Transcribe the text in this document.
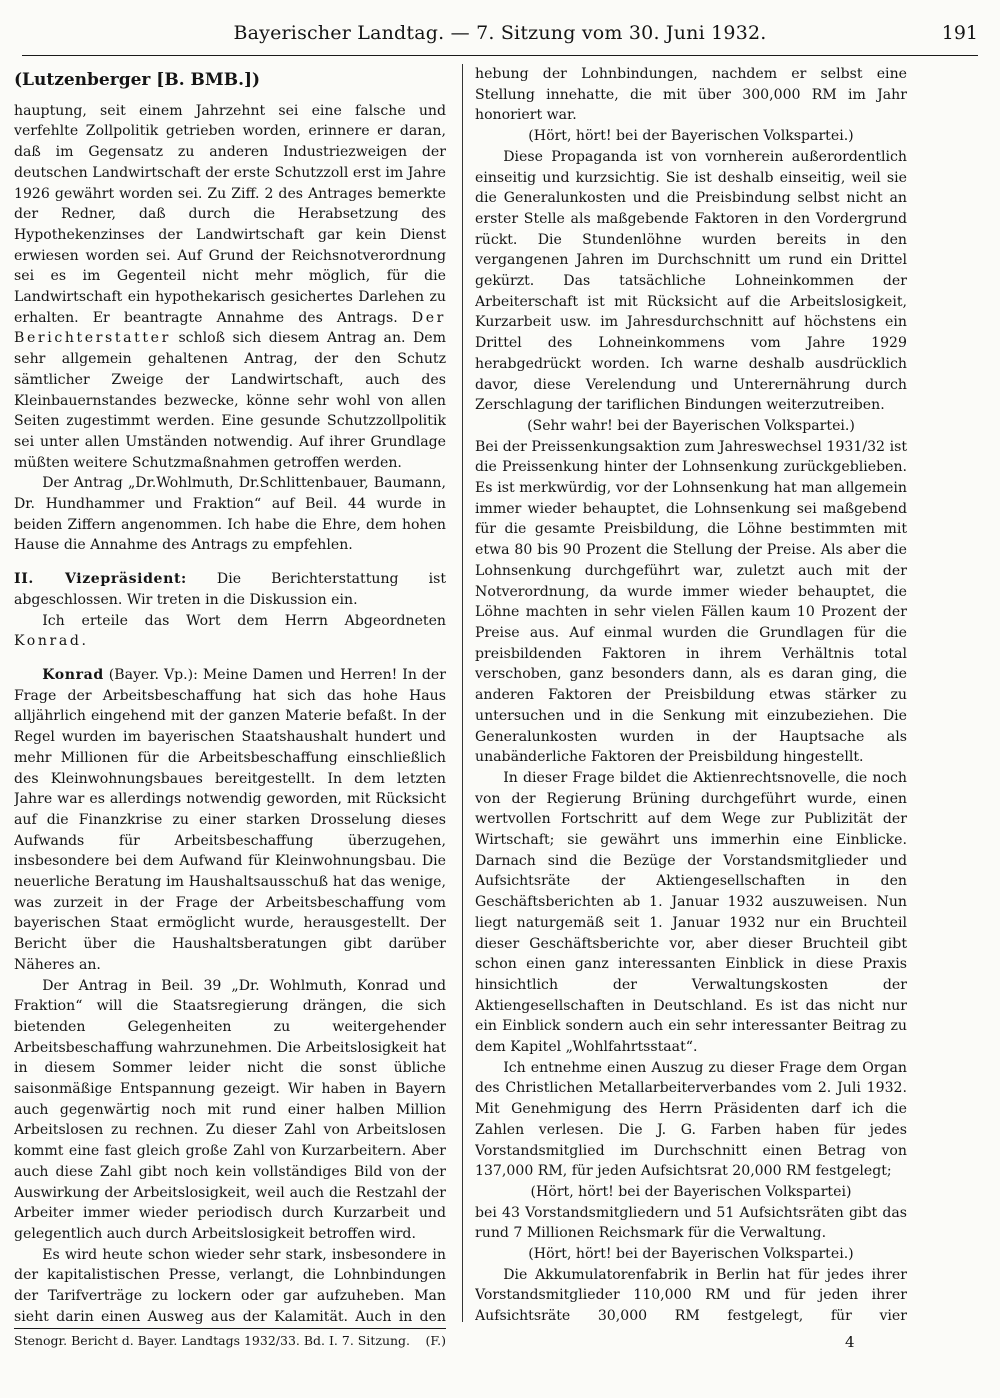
Bayerischer Landtag. — 7. Sitzung vom 30. Juni 1932.	191
(Lutzenberger [B. BMB.])

hauptung, seit einem Jahrzehnt sei eine falsche und verfehlte Zollpolitik getrieben worden, erinnere er daran, daß im Gegensatz zu anderen Industriezweigen der deutschen Landwirtschaft der erste Schutzzoll erst im Jahre 1926 gewährt worden sei. Zu Ziff. 2 des Antrages bemerkte der Redner, daß durch die Herabsetzung des Hypothekenzinses der Landwirtschaft gar kein Dienst erwiesen worden sei. Auf Grund der Reichsnotverordnung sei es im Gegenteil nicht mehr möglich, für die Landwirtschaft ein hypothekarisch gesichertes Darlehen zu erhalten. Er beantragte Annahme des Antrags. Der Berichterstatter schloß sich diesem Antrag an. Dem sehr allgemein gehaltenen Antrag, der den Schutz sämtlicher Zweige der Landwirtschaft, auch des Kleinbauernstandes bezwecke, könne sehr wohl von allen Seiten zugestimmt werden. Eine gesunde Schutzzollpolitik sei unter allen Umständen notwendig. Auf ihrer Grundlage müßten weitere Schutzmaßnahmen getroffen werden.

Der Antrag „Dr.Wohlmuth, Dr.Schlittenbauer, Baumann, Dr. Hundhammer und Fraktion“ auf Beil. 44 wurde in beiden Ziffern angenommen. Ich habe die Ehre, dem hohen Hause die Annahme des Antrags zu empfehlen.

II. Vizepräsident: Die Berichterstattung ist abgeschlossen. Wir treten in die Diskussion ein.

Ich erteile das Wort dem Herrn Abgeordneten Konrad.

Konrad (Bayer. Vp.): Meine Damen und Herren! In der Frage der Arbeitsbeschaffung hat sich das hohe Haus alljährlich eingehend mit der ganzen Materie befaßt. In der Regel wurden im bayerischen Staatshaushalt hundert und mehr Millionen für die Arbeitsbeschaffung einschließlich des Kleinwohnungsbaues bereitgestellt. In dem letzten Jahre war es allerdings notwendig geworden, mit Rücksicht auf die Finanzkrise zu einer starken Drosselung dieses Aufwands für Arbeitsbeschaffung überzugehen, insbesondere bei dem Aufwand für Kleinwohnungsbau. Die neuerliche Beratung im Haushaltsausschuß hat das wenige, was zurzeit in der Frage der Arbeitsbeschaffung vom bayerischen Staat ermöglicht wurde, herausgestellt. Der Bericht über die Haushaltsberatungen gibt darüber Näheres an.

Der Antrag in Beil. 39 „Dr. Wohlmuth, Konrad und Fraktion“ will die Staatsregierung drängen, die sich bietenden Gelegenheiten zu weitergehender Arbeitsbeschaffung wahrzunehmen. Die Arbeitslosigkeit hat in diesem Sommer leider nicht die sonst übliche saisonmäßige Entspannung gezeigt. Wir haben in Bayern auch gegenwärtig noch mit rund einer halben Million Arbeitslosen zu rechnen. Zu dieser Zahl von Arbeitslosen kommt eine fast gleich große Zahl von Kurzarbeitern. Aber auch diese Zahl gibt noch kein vollständiges Bild von der Auswirkung der Arbeitslosigkeit, weil auch die Restzahl der Arbeiter immer wieder periodisch durch Kurzarbeit und gelegentlich auch durch Arbeitslosigkeit betroffen wird.

Es wird heute schon wieder sehr stark, insbesondere in der kapitalistischen Presse, verlangt, die Lohnbindungen der Tarifverträge zu lockern oder gar aufzuheben. Man sieht darin einen Ausweg aus der Kalamität. Auch in den

hebung der Lohnbindungen, nachdem er selbst eine Stellung innehatte, die mit über 300,000 RM im Jahr honoriert war.

(Hört, hört! bei der Bayerischen Volkspartei.)

Diese Propaganda ist von vornherein außerordentlich einseitig und kurzsichtig. Sie ist deshalb einseitig, weil sie die Generalunkosten und die Preisbindung selbst nicht an erster Stelle als maßgebende Faktoren in den Vordergrund rückt. Die Stundenlöhne wurden bereits in den vergangenen Jahren im Durchschnitt um rund ein Drittel gekürzt. Das tatsächliche Lohneinkommen der Arbeiterschaft ist mit Rücksicht auf die Arbeitslosigkeit, Kurzarbeit usw. im Jahresdurchschnitt auf höchstens ein Drittel des Lohneinkommens vom Jahre 1929 herabgedrückt worden. Ich warne deshalb ausdrücklich davor, diese Verelendung und Unterernährung durch Zerschlagung der tariflichen Bindungen weiterzutreiben.

(Sehr wahr! bei der Bayerischen Volkspartei.)

Bei der Preissenkungsaktion zum Jahreswechsel 1931/32 ist die Preissenkung hinter der Lohnsenkung zurückgeblieben. Es ist merkwürdig, vor der Lohnsenkung hat man allgemein immer wieder behauptet, die Lohnsenkung sei maßgebend für die gesamte Preisbildung, die Löhne bestimmten mit etwa 80 bis 90 Prozent die Stellung der Preise. Als aber die Lohnsenkung durchgeführt war, zuletzt auch mit der Notverordnung, da wurde immer wieder behauptet, die Löhne machten in sehr vielen Fällen kaum 10 Prozent der Preise aus. Auf einmal wurden die Grundlagen für die preisbildenden Faktoren in ihrem Verhältnis total verschoben, ganz besonders dann, als es daran ging, die anderen Faktoren der Preisbildung etwas stärker zu untersuchen und in die Senkung mit einzubeziehen. Die Generalunkosten wurden in der Hauptsache als unabänderliche Faktoren der Preisbildung hingestellt.

In dieser Frage bildet die Aktienrechtsnovelle, die noch von der Regierung Brüning durchgeführt wurde, einen wertvollen Fortschritt auf dem Wege zur Publizität der Wirtschaft; sie gewährt uns immerhin eine Einblicke. Darnach sind die Bezüge der Vorstandsmitglieder und Aufsichtsräte der Aktiengesellschaften in den Geschäftsberichten ab 1. Januar 1932 auszuweisen. Nun liegt naturgemäß seit 1. Januar 1932 nur ein Bruchteil dieser Geschäftsberichte vor, aber dieser Bruchteil gibt schon einen ganz interessanten Einblick in diese Praxis hinsichtlich der Verwaltungskosten der Aktiengesellschaften in Deutschland. Es ist das nicht nur ein Einblick sondern auch ein sehr interessanter Beitrag zu dem Kapitel „Wohlfahrtsstaat“.

Ich entnehme einen Auszug zu dieser Frage dem Organ des Christlichen Metallarbeiterverbandes vom 2. Juli 1932. Mit Genehmigung des Herrn Präsidenten darf ich die Zahlen verlesen. Die J. G. Farben haben für jedes Vorstandsmitglied im Durchschnitt einen Betrag von 137,000 RM, für jeden Aufsichtsrat 20,000 RM festgelegt;

(Hört, hört! bei der Bayerischen Volkspartei)

bei 43 Vorstandsmitgliedern und 51 Aufsichtsräten gibt das rund 7 Millionen Reichsmark für die Verwaltung.

(Hört, hört! bei der Bayerischen Volkspartei.)

Die Akkumulatorenfabrik in Berlin hat für jedes ihrer Vorstandsmitglieder 110,000 RM und für jeden ihrer Aufsichtsräte 30,000 RM festgelegt, für vier

Stenogr. Bericht d. Bayer. Landtags 1932/33. Bd. I. 7. Sitzung. (F.)	4
